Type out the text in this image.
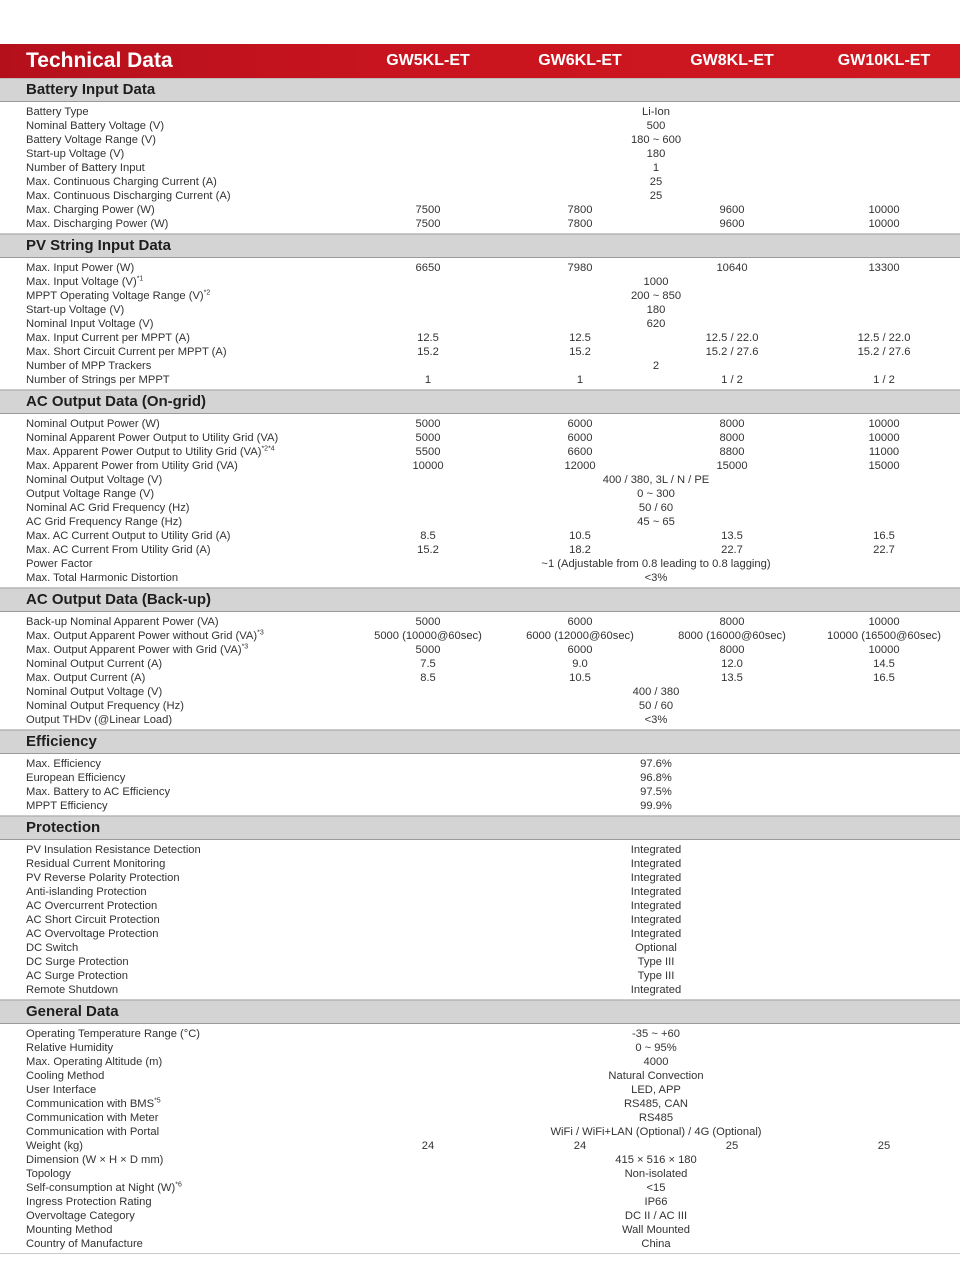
Technical Data	GW5KL-ET	GW6KL-ET	GW8KL-ET	GW10KL-ET
Battery Input Data
Battery Type	Li-Ion
Nominal Battery Voltage (V)	500
Battery Voltage Range (V)	180 ~ 600
Start-up Voltage (V)	180
Number of Battery Input	1
Max. Continuous Charging Current (A)	25
Max. Continuous Discharging Current (A)	25
Max. Charging Power (W)	7500	7800	9600	10000
Max. Discharging Power (W)	7500	7800	9600	10000
PV String Input Data
Max. Input Power (W)	6650	7980	10640	13300
Max. Input Voltage $(V)^{*1}$	1000
MPPT Operating Voltage Range $(V)^{*2}$	200 ~ 850
Start-up Voltage (V)	180
Nominal Input Voltage (V)	620
Max. Input Current per MPPT (A)	12.5	12.5	12.5 / 22.0	12.5 / 22.0
Max. Short Circuit Current per MPPT (A)	15.2	15.2	15.2 / 27.6	15.2 / 27.6
Number of MPP Trackers	2
Number of Strings per MPPT	1	1	1 / 2	1 / 2
AC Output Data (On-grid)
Nominal Output Power (W)	5000	6000	8000	10000
Nominal Apparent Power Output to Utility Grid (VA)	5000	6000	8000	10000
Max. Apparent Power Output to Utility Grid (VA)$^{*2*4}$	5500	6600	8800	11000
Max. Apparent Power from Utility Grid (VA)	10000	12000	15000	15000
Nominal Output Voltage (V)	400 / 380, 3L / N / PE
Output Voltage Range (V)	0 ~ 300
Nominal AC Grid Frequency (Hz)	50 / 60
AC Grid Frequency Range (Hz)	45 ~ 65
Max. AC Current Output to Utility Grid (A)	8.5	10.5	13.5	16.5
Max. AC Current From Utility Grid (A)	15.2	18.2	22.7	22.7
Power Factor	~1 (Adjustable from 0.8 leading to 0.8 lagging)
Max. Total Harmonic Distortion	<3%
AC Output Data (Back-up)
Back-up Nominal Apparent Power (VA)	5000	6000	8000	10000
Max. Output Apparent Power without Grid (VA)$^{*3}$	5000 (10000@60sec)	6000 (12000@60sec)	8000 (16000@60sec)	10000 (16500@60sec)
Max. Output Apparent Power with Grid (VA)$^{*3}$	5000	6000	8000	10000
Nominal Output Current (A)	7.5	9.0	12.0	14.5
Max. Output Current (A)	8.5	10.5	13.5	16.5
Nominal Output Voltage (V)	400 / 380
Nominal Output Frequency (Hz)	50 / 60
Output THDv (@Linear Load)	<3%
Efficiency
Max. Efficiency	97.6%
European Efficiency	96.8%
Max. Battery to AC Efficiency	97.5%
MPPT Efficiency	99.9%
Protection
PV Insulation Resistance Detection	Integrated
Residual Current Monitoring	Integrated
PV Reverse Polarity Protection	Integrated
Anti-islanding Protection	Integrated
AC Overcurrent Protection	Integrated
AC Short Circuit Protection	Integrated
AC Overvoltage Protection	Integrated
DC Switch	Optional
DC Surge Protection	Type III
AC Surge Protection	Type III
Remote Shutdown	Integrated
General Data
Operating Temperature Range (°C)	-35 ~ +60
Relative Humidity	0 ~ 95%
Max. Operating Altitude (m)	4000
Cooling Method	Natural Convection
User Interface	LED, APP
Communication with BMS$^{*5}$	RS485, CAN
Communication with Meter	RS485
Communication with Portal	WiFi / WiFi+LAN (Optional) / 4G (Optional)
Weight (kg)	24	24	25	25
Dimension (W × H × D mm)	415 × 516 × 180
Topology	Non-isolated
Self-consumption at Night $(W)^{*6}$	<15
Ingress Protection Rating	IP66
Overvoltage Category	DC II / AC III
Mounting Method	Wall Mounted
Country of Manufacture	China
